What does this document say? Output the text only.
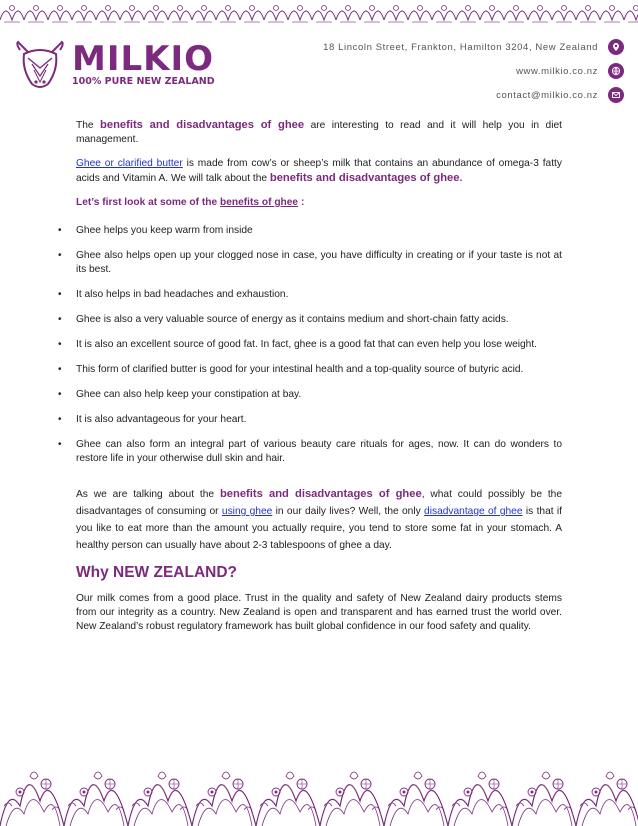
MILKIO
100% PURE NEW ZEALAND
18 Lincoln Street, Frankton, Hamilton 3204, New Zealand
www.milkio.co.nz
contact@milkio.co.nz

The benefits and disadvantages of ghee are interesting to read and it will help you in diet management.

Ghee or clarified butter is made from cow’s or sheep’s milk that contains an abundance of omega-3 fatty acids and Vitamin A. We will talk about the benefits and disadvantages of ghee.

Let’s first look at some of the benefits of ghee :

• Ghee helps you keep warm from inside
• Ghee also helps open up your clogged nose in case, you have difficulty in creating or if your taste is not at its best.
• It also helps in bad headaches and exhaustion.
• Ghee is also a very valuable source of energy as it contains medium and short-chain fatty acids.
• It is also an excellent source of good fat. In fact, ghee is a good fat that can even help you lose weight.
• This form of clarified butter is good for your intestinal health and a top-quality source of butyric acid.
• Ghee can also help keep your constipation at bay.
• It is also advantageous for your heart.
• Ghee can also form an integral part of various beauty care rituals for ages, now. It can do wonders to restore life in your otherwise dull skin and hair.

As we are talking about the benefits and disadvantages of ghee, what could possibly be the disadvantages of consuming or using ghee in our daily lives? Well, the only disadvantage of ghee is that if you like to eat more than the amount you actually require, you tend to store some fat in your stomach. A healthy person can usually have about 2-3 tablespoons of ghee a day.

Why NEW ZEALAND?

Our milk comes from a good place. Trust in the quality and safety of New Zealand dairy products stems from our integrity as a country. New Zealand is open and transparent and has earned trust the world over. New Zealand’s robust regulatory framework has built global confidence in our food safety and quality.
